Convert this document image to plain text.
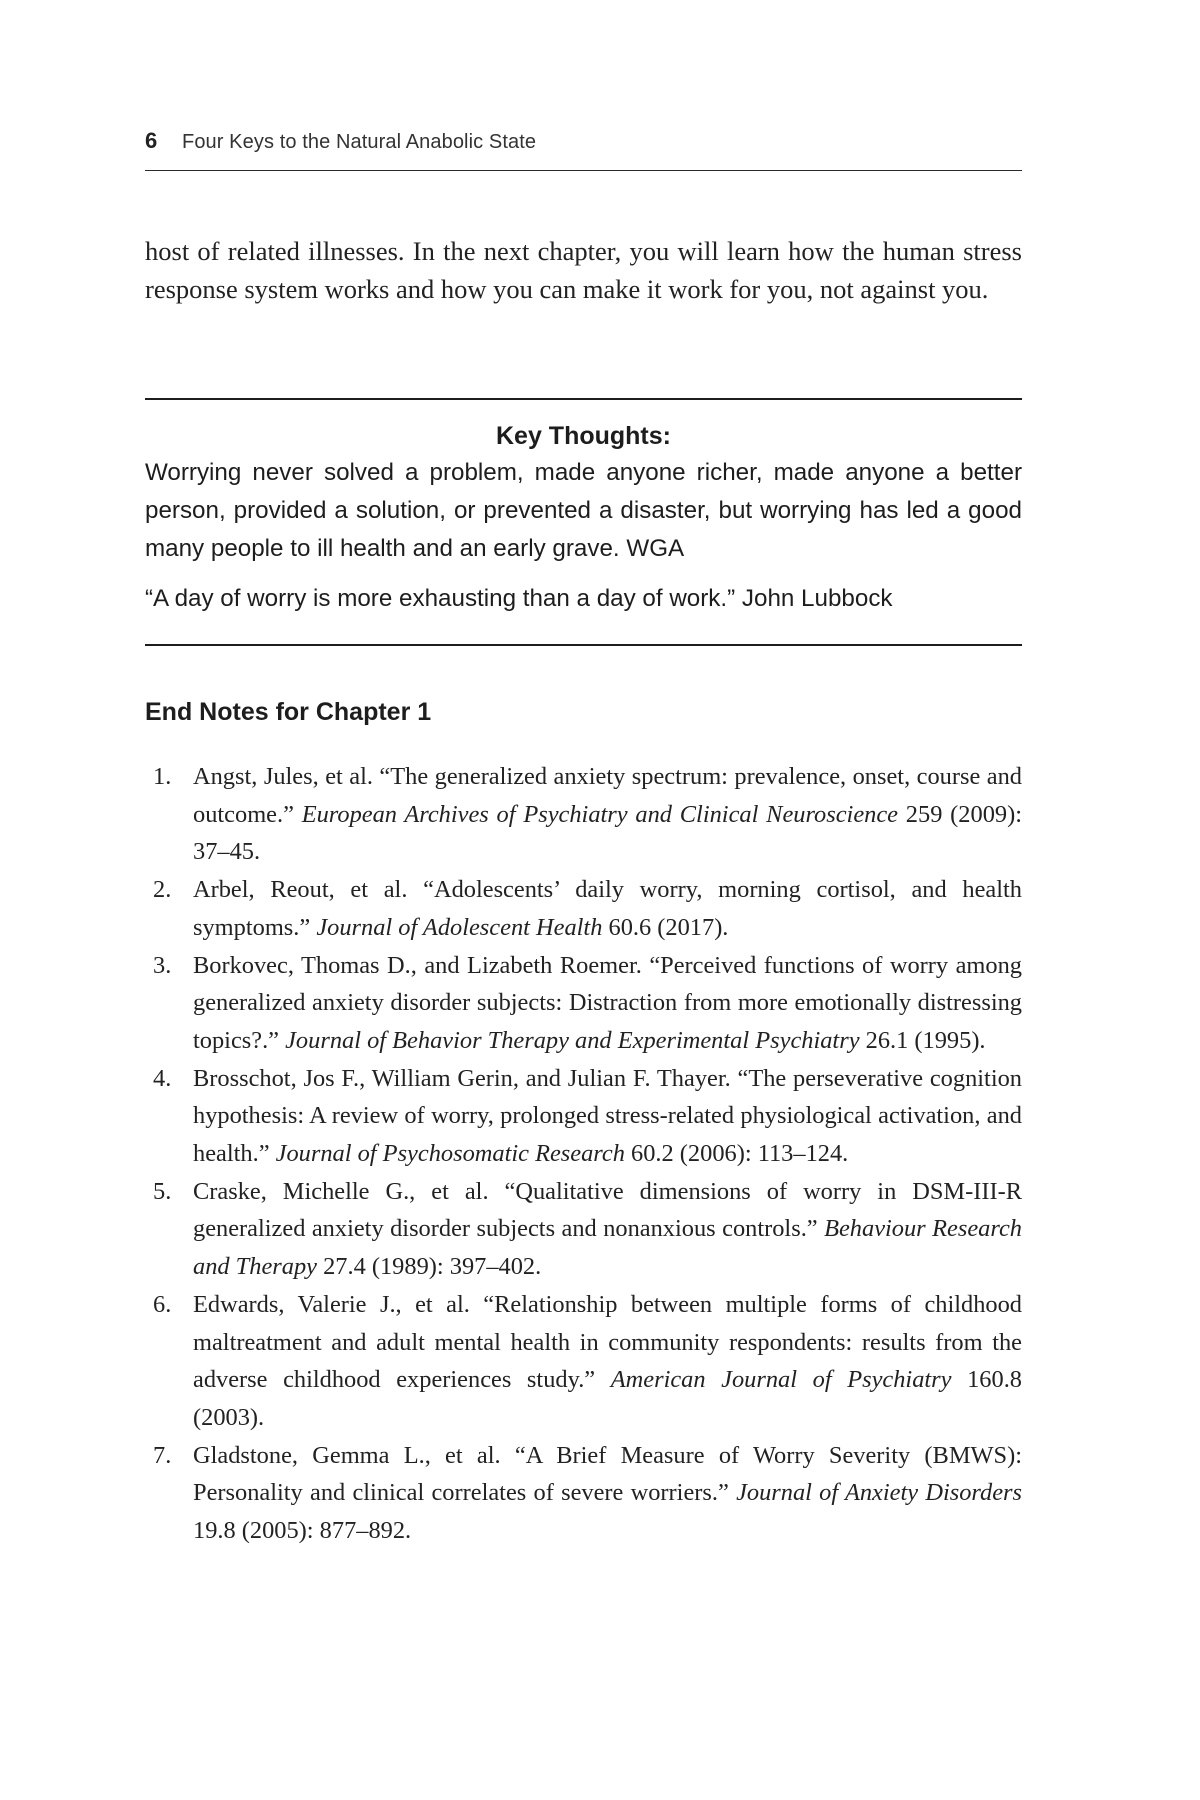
6 Four Keys to the Natural Anabolic State

host of related illnesses. In the next chapter, you will learn how the human stress response system works and how you can make it work for you, not against you.

Key Thoughts:

Worrying never solved a problem, made anyone richer, made anyone a better person, provided a solution, or prevented a disaster, but worrying has led a good many people to ill health and an early grave. WGA

“A day of worry is more exhausting than a day of work.” John Lubbock

End Notes for Chapter 1
1. Angst, Jules, et al. “The generalized anxiety spectrum: prevalence, onset, course and outcome.” European Archives of Psychiatry and Clinical Neuroscience 259 (2009): 37–45.
2. Arbel, Reout, et al. “Adolescents’ daily worry, morning cortisol, and health symptoms.” Journal of Adolescent Health 60.6 (2017).
3. Borkovec, Thomas D., and Lizabeth Roemer. “Perceived functions of worry among generalized anxiety disorder subjects: Distraction from more emotionally distressing topics?.” Journal of Behavior Therapy and Experimental Psychiatry 26.1 (1995).
4. Brosschot, Jos F., William Gerin, and Julian F. Thayer. “The perseverative cognition hypothesis: A review of worry, prolonged stress-related physiological activation, and health.” Journal of Psychosomatic Research 60.2 (2006): 113–124.
5. Craske, Michelle G., et al. “Qualitative dimensions of worry in DSM-III-R generalized anxiety disorder subjects and nonanxious controls.” Behaviour Research and Therapy 27.4 (1989): 397–402.
6. Edwards, Valerie J., et al. “Relationship between multiple forms of childhood maltreatment and adult mental health in community respondents: results from the adverse childhood experiences study.” American Journal of Psychiatry 160.8 (2003).
7. Gladstone, Gemma L., et al. “A Brief Measure of Worry Severity (BMWS): Personality and clinical correlates of severe worriers.” Journal of Anxiety Disorders 19.8 (2005): 877–892.
